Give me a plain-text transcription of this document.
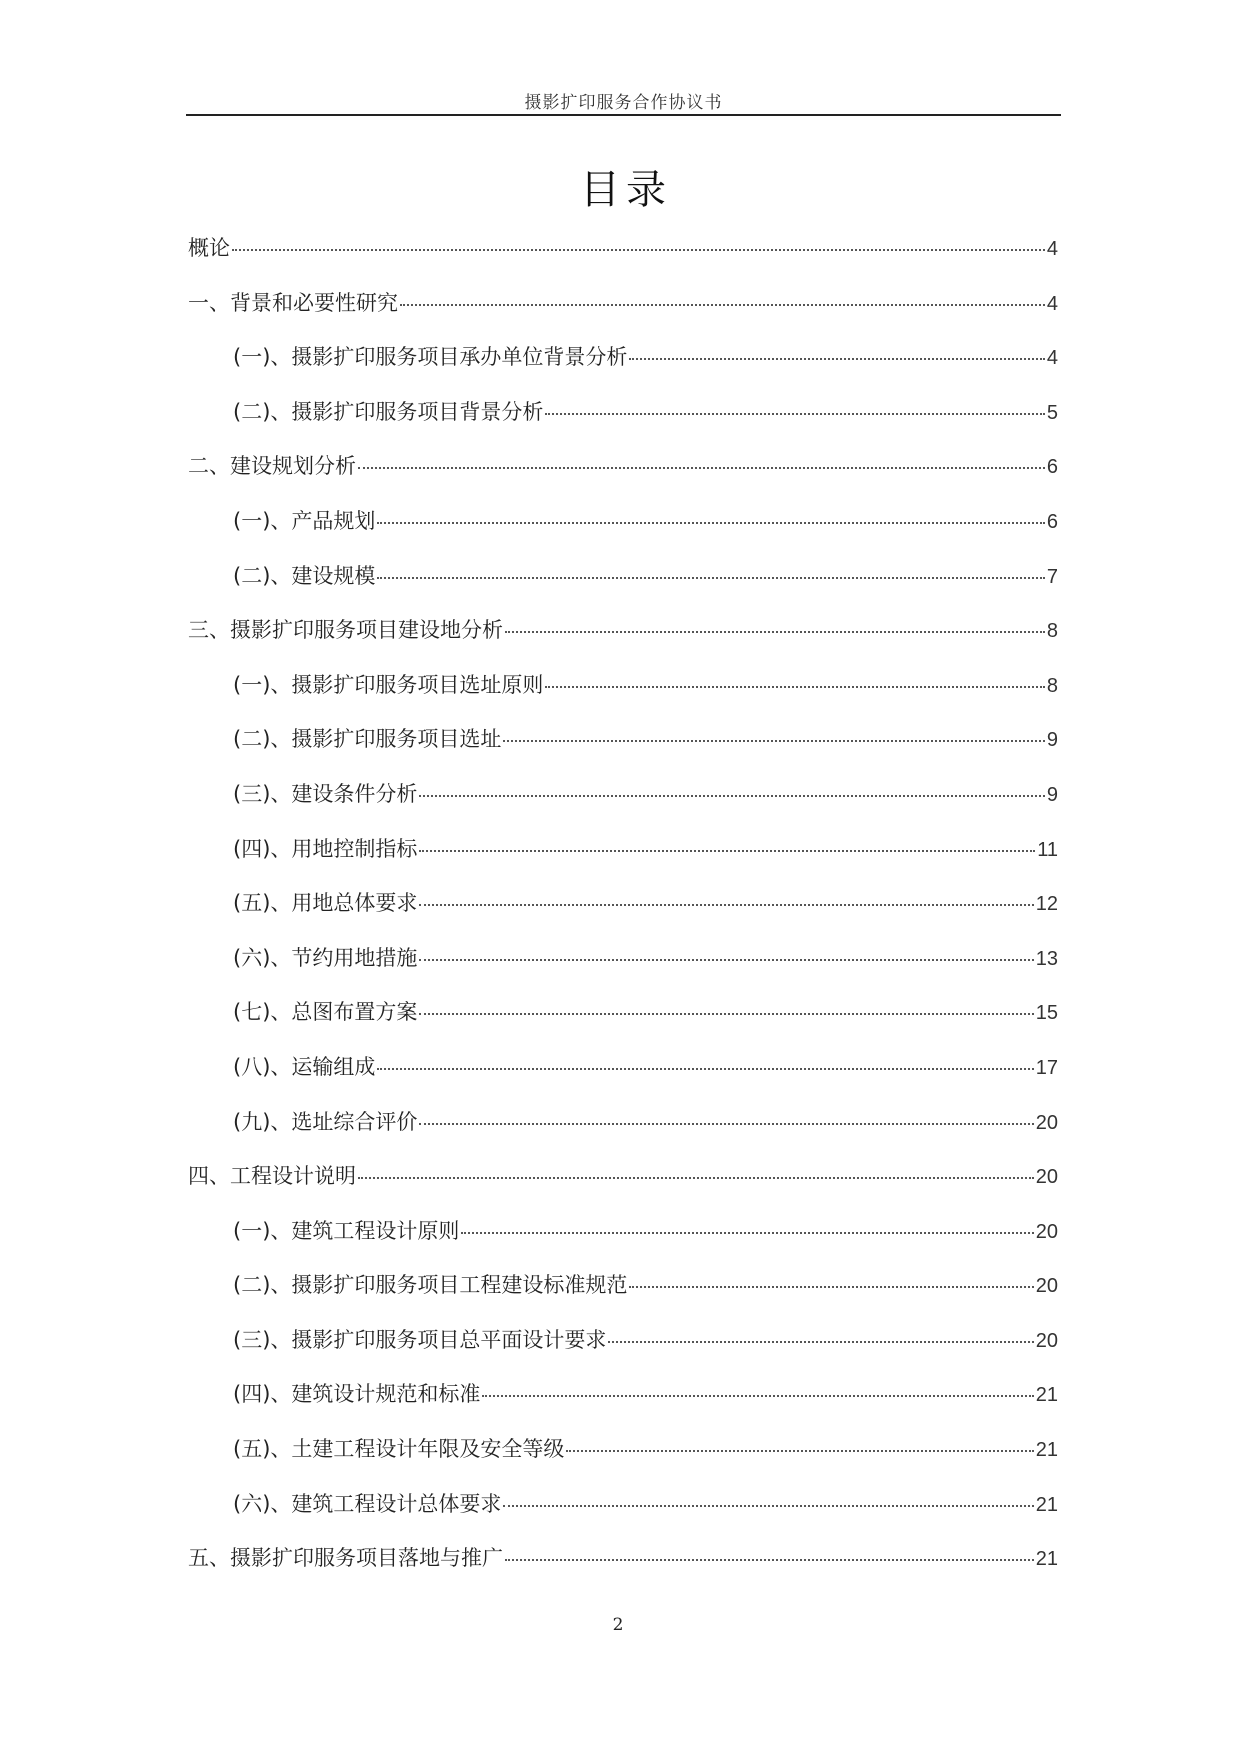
摄影扩印服务合作协议书
目录
概论	4
一、背景和必要性研究	4
(一)、摄影扩印服务项目承办单位背景分析	4
(二)、摄影扩印服务项目背景分析	5
二、建设规划分析	6
(一)、产品规划	6
(二)、建设规模	7
三、摄影扩印服务项目建设地分析	8
(一)、摄影扩印服务项目选址原则	8
(二)、摄影扩印服务项目选址	9
(三)、建设条件分析	9
(四)、用地控制指标	11
(五)、用地总体要求	12
(六)、节约用地措施	13
(七)、总图布置方案	15
(八)、运输组成	17
(九)、选址综合评价	20
四、工程设计说明	20
(一)、建筑工程设计原则	20
(二)、摄影扩印服务项目工程建设标准规范	20
(三)、摄影扩印服务项目总平面设计要求	20
(四)、建筑设计规范和标准	21
(五)、土建工程设计年限及安全等级	21
(六)、建筑工程设计总体要求	21
五、摄影扩印服务项目落地与推广	21
2
